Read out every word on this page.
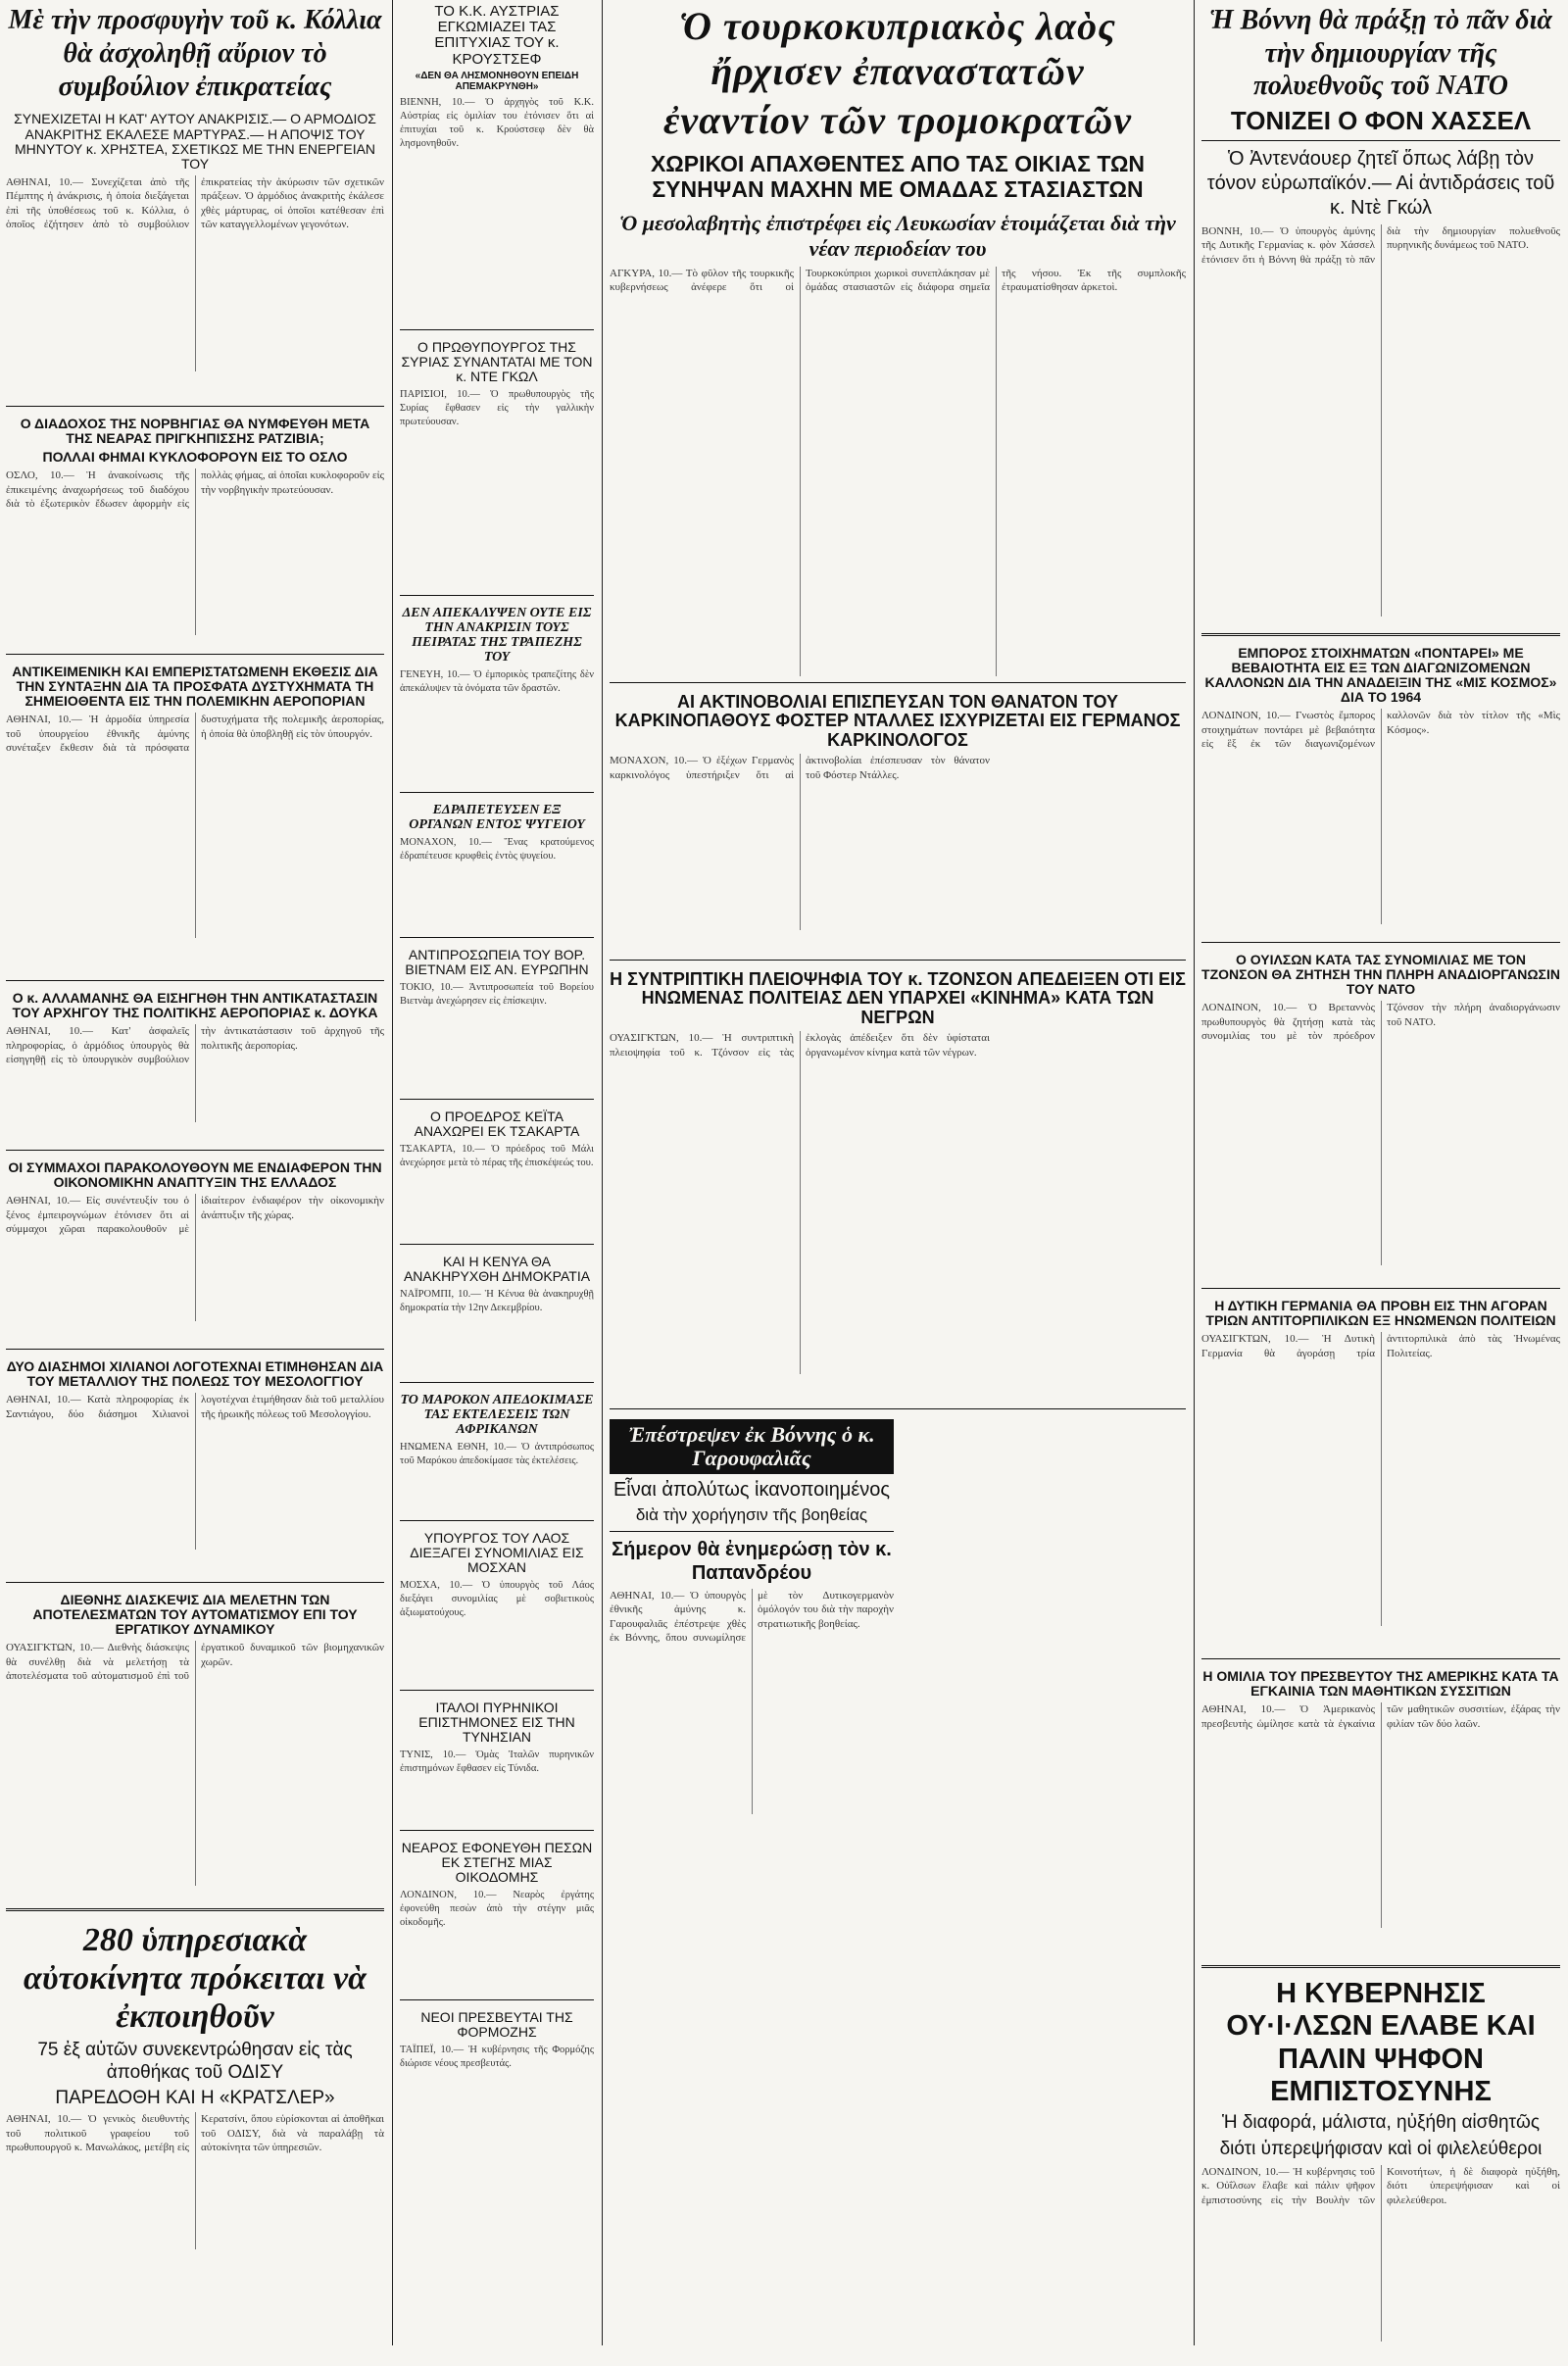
Μὲ τὴν προσφυγὴν τοῦ κ. Κόλλια θὰ ἀσχοληθῇ αὔριον τὸ συμβούλιον ἐπικρατείας
ΣΥΝΕΧΙΖΕΤΑΙ Η ΚΑΤ' ΑΥΤΟΥ ΑΝΑΚΡΙΣΙΣ.— Ο ΑΡΜΟΔΙΟΣ ΑΝΑΚΡΙΤΗΣ ΕΚΑΛΕΣΕ ΜΑΡΤΥΡΑΣ.— Η ΑΠΟΨΙΣ ΤΟΥ ΜΗΝΥΤΟΥ κ. ΧΡΗΣΤΕΑ, ΣΧΕΤΙΚΩΣ ΜΕ ΤΗΝ ΕΝΕΡΓΕΙΑΝ ΤΟΥ
ΑΘΗΝΑΙ, 10.— Συνεχίζεται ἀπὸ τῆς Πέμπτης ἡ ἀνάκρισις, ἡ ὁποία διεξάγεται ἐπὶ τῆς ὑποθέσεως τοῦ κ. Κόλλια, ὁ ὁποῖος ἐζήτησεν ἀπὸ τὸ συμβούλιον ἐπικρατείας τὴν ἀκύρωσιν τῶν σχετικῶν πράξεων. Ὁ ἁρμόδιος ἀνακριτὴς ἐκάλεσε χθὲς μάρτυρας, οἱ ὁποῖοι κατέθεσαν ἐπὶ τῶν καταγγελλομένων γεγονότων.
Ο ΔΙΑΔΟΧΟΣ ΤΗΣ ΝΟΡΒΗΓΙΑΣ ΘΑ ΝΥΜΦΕΥΘΗ ΜΕΤΑ ΤΗΣ ΝΕΑΡΑΣ ΠΡΙΓΚΗΠΙΣΣΗΣ ΡΑΤΖΙΒΙΑ;
ΠΟΛΛΑΙ ΦΗΜΑΙ ΚΥΚΛΟΦΟΡΟΥΝ ΕΙΣ ΤΟ ΟΣΛΟ
ΟΣΛΟ, 10.— Ἡ ἀνακοίνωσις τῆς ἐπικειμένης ἀναχωρήσεως τοῦ διαδόχου διὰ τὸ ἐξωτερικὸν ἔδωσεν ἀφορμὴν εἰς πολλὰς φήμας, αἱ ὁποῖαι κυκλοφοροῦν εἰς τὴν νορβηγικὴν πρωτεύουσαν.
ΑΝΤΙΚΕΙΜΕΝΙΚΗ ΚΑΙ ΕΜΠΕΡΙΣΤΑΤΩΜΕΝΗ ΕΚΘΕΣΙΣ ΔΙΑ ΤΗΝ ΣΥΝΤΑΞΗΝ ΔΙΑ ΤΑ ΠΡΟΣΦΑΤΑ ΔΥΣΤΥΧΗΜΑΤΑ ΤΗ ΣΗΜΕΙΟΘΕΝΤΑ ΕΙΣ ΤΗΝ ΠΟΛΕΜΙΚΗΝ ΑΕΡΟΠΟΡΙΑΝ
ΑΘΗΝΑΙ, 10.— Ἡ ἁρμοδία ὑπηρεσία τοῦ ὑπουργείου ἐθνικῆς ἀμύνης συνέταξεν ἔκθεσιν διὰ τὰ πρόσφατα δυστυχήματα τῆς πολεμικῆς ἀεροπορίας, ἡ ὁποία θὰ ὑποβληθῇ εἰς τὸν ὑπουργόν.
Ο κ. ΑΛΛΑΜΑΝΗΣ ΘΑ ΕΙΣΗΓΗΘΗ ΤΗΝ ΑΝΤΙΚΑΤΑΣΤΑΣΙΝ ΤΟΥ ΑΡΧΗΓΟΥ ΤΗΣ ΠΟΛΙΤΙΚΗΣ ΑΕΡΟΠΟΡΙΑΣ κ. ΔΟΥΚΑ
ΑΘΗΝΑΙ, 10.— Κατ' ἀσφαλεῖς πληροφορίας, ὁ ἁρμόδιος ὑπουργὸς θὰ εἰσηγηθῇ εἰς τὸ ὑπουργικὸν συμβούλιον τὴν ἀντικατάστασιν τοῦ ἀρχηγοῦ τῆς πολιτικῆς ἀεροπορίας.
ΟΙ ΣΥΜΜΑΧΟΙ ΠΑΡΑΚΟΛΟΥΘΟΥΝ ΜΕ ΕΝΔΙΑΦΕΡΟΝ ΤΗΝ ΟΙΚΟΝΟΜΙΚΗΝ ΑΝΑΠΤΥΞΙΝ ΤΗΣ ΕΛΛΑΔΟΣ
ΑΘΗΝΑΙ, 10.— Εἰς συνέντευξίν του ὁ ξένος ἐμπειρογνώμων ἐτόνισεν ὅτι αἱ σύμμαχοι χῶραι παρακολουθοῦν μὲ ἰδιαίτερον ἐνδιαφέρον τὴν οἰκονομικὴν ἀνάπτυξιν τῆς χώρας.
ΔΥΟ ΔΙΑΣΗΜΟΙ ΧΙΛΙΑΝΟΙ ΛΟΓΟΤΕΧΝΑΙ ΕΤΙΜΗΘΗΣΑΝ ΔΙΑ ΤΟΥ ΜΕΤΑΛΛΙΟΥ ΤΗΣ ΠΟΛΕΩΣ ΤΟΥ ΜΕΣΟΛΟΓΓΙΟΥ
ΑΘΗΝΑΙ, 10.— Κατὰ πληροφορίας ἐκ Σαντιάγου, δύο διάσημοι Χιλιανοὶ λογοτέχναι ἐτιμήθησαν διὰ τοῦ μεταλλίου τῆς ἡρωικῆς πόλεως τοῦ Μεσολογγίου.
ΔΙΕΘΝΗΣ ΔΙΑΣΚΕΨΙΣ ΔΙΑ ΜΕΛΕΤΗΝ ΤΩΝ ΑΠΟΤΕΛΕΣΜΑΤΩΝ ΤΟΥ ΑΥΤΟΜΑΤΙΣΜΟΥ ΕΠΙ ΤΟΥ ΕΡΓΑΤΙΚΟΥ ΔΥΝΑΜΙΚΟΥ
ΟΥΑΣΙΓΚΤΩΝ, 10.— Διεθνὴς διάσκεψις θὰ συνέλθῃ διὰ νὰ μελετήσῃ τὰ ἀποτελέσματα τοῦ αὐτοματισμοῦ ἐπὶ τοῦ ἐργατικοῦ δυναμικοῦ τῶν βιομηχανικῶν χωρῶν.
280 ὑπηρεσιακὰ αὐτοκίνητα πρόκειται νὰ ἐκποιηθοῦν
75 ἐξ αὐτῶν συνεκεντρώθησαν εἰς τὰς ἀποθήκας τοῦ ΟΔΙΣΥ
ΠΑΡΕΔΟΘΗ ΚΑΙ Η «ΚΡΑΤΣΛΕΡ»
ΑΘΗΝΑΙ, 10.— Ὁ γενικὸς διευθυντὴς τοῦ πολιτικοῦ γραφείου τοῦ πρωθυπουργοῦ κ. Μανωλάκος, μετέβη εἰς Κερατσίνι, ὅπου εὑρίσκονται αἱ ἀποθῆκαι τοῦ ΟΔΙΣΥ, διὰ νὰ παραλάβῃ τὰ αὐτοκίνητα τῶν ὑπηρεσιῶν.
ΤΟ Κ.Κ. ΑΥΣΤΡΙΑΣ ΕΓΚΩΜΙΑΖΕΙ ΤΑΣ ΕΠΙΤΥΧΙΑΣ ΤΟΥ κ. ΚΡΟΥΣΤΣΕΦ
«ΔΕΝ ΘΑ ΛΗΣΜΟΝΗΘΟΥΝ ΕΠΕΙΔΗ ΑΠΕΜΑΚΡΥΝΘΗ»
ΒΙΕΝΝΗ, 10.— Ὁ ἀρχηγὸς τοῦ Κ.Κ. Αὐστρίας εἰς ὁμιλίαν του ἐτόνισεν ὅτι αἱ ἐπιτυχίαι τοῦ κ. Κρούστσεφ δὲν θὰ λησμονηθοῦν.
Ο ΠΡΩΘΥΠΟΥΡΓΟΣ ΤΗΣ ΣΥΡΙΑΣ ΣΥΝΑΝΤΑΤΑΙ ΜΕ ΤΟΝ κ. ΝΤΕ ΓΚΩΛ
ΠΑΡΙΣΙΟΙ, 10.— Ὁ πρωθυπουργὸς τῆς Συρίας ἔφθασεν εἰς τὴν γαλλικὴν πρωτεύουσαν.
ΔΕΝ ΑΠΕΚΑΛΥΨΕΝ ΟΥΤΕ ΕΙΣ ΤΗΝ ΑΝΑΚΡΙΣΙΝ ΤΟΥΣ ΠΕΙΡΑΤΑΣ ΤΗΣ ΤΡΑΠΕΖΗΣ ΤΟΥ
ΓΕΝΕΥΗ, 10.— Ὁ ἐμπορικὸς τραπεζίτης δὲν ἀπεκάλυψεν τὰ ὀνόματα τῶν δραστῶν.
ΕΔΡΑΠΕΤΕΥΣΕΝ ΕΞ ΟΡΓΑΝΩΝ ΕΝΤΟΣ ΨΥΓΕΙΟΥ
ΜΟΝΑΧΟΝ, 10.— Ἕνας κρατούμενος ἐδραπέτευσε κρυφθεὶς ἐντὸς ψυγείου.
ΑΝΤΙΠΡΟΣΩΠΕΙΑ ΤΟΥ ΒΟΡ. ΒΙΕΤΝΑΜ ΕΙΣ ΑΝ. ΕΥΡΩΠΗΝ
ΤΟΚΙΟ, 10.— Ἀντιπροσωπεία τοῦ Βορείου Βιετνὰμ ἀνεχώρησεν εἰς ἐπίσκεψιν.
Ο ΠΡΟΕΔΡΟΣ ΚΕΪΤΑ ΑΝΑΧΩΡΕΙ ΕΚ ΤΣΑΚΑΡΤΑ
ΤΣΑΚΑΡΤΑ, 10.— Ὁ πρόεδρος τοῦ Μάλι ἀνεχώρησε μετὰ τὸ πέρας τῆς ἐπισκέψεώς του.
ΚΑΙ Η ΚΕΝΥΑ ΘΑ ΑΝΑΚΗΡΥΧΘΗ ΔΗΜΟΚΡΑΤΙΑ
ΝΑΪΡΟΜΠΙ, 10.— Ἡ Κένυα θὰ ἀνακηρυχθῇ δημοκρατία τὴν 12ην Δεκεμβρίου.
ΤΟ ΜΑΡΟΚΟΝ ΑΠΕΔΟΚΙΜΑΣΕ ΤΑΣ ΕΚΤΕΛΕΣΕΙΣ ΤΩΝ ΑΦΡΙΚΑΝΩΝ
ΗΝΩΜΕΝΑ ΕΘΝΗ, 10.— Ὁ ἀντιπρόσωπος τοῦ Μαρόκου ἀπεδοκίμασε τὰς ἐκτελέσεις.
ΥΠΟΥΡΓΟΣ ΤΟΥ ΛΑΟΣ ΔΙΕΞΑΓΕΙ ΣΥΝΟΜΙΛΙΑΣ ΕΙΣ ΜΟΣΧΑΝ
ΜΟΣΧΑ, 10.— Ὁ ὑπουργὸς τοῦ Λάος διεξάγει συνομιλίας μὲ σοβιετικοὺς ἀξιωματούχους.
ΙΤΑΛΟΙ ΠΥΡΗΝΙΚΟΙ ΕΠΙΣΤΗΜΟΝΕΣ ΕΙΣ ΤΗΝ ΤΥΝΗΣΙΑΝ
ΤΥΝΙΣ, 10.— Ὁμὰς Ἰταλῶν πυρηνικῶν ἐπιστημόνων ἔφθασεν εἰς Τύνιδα.
ΝΕΑΡΟΣ ΕΦΟΝΕΥΘΗ ΠΕΣΩΝ ΕΚ ΣΤΕΓΗΣ ΜΙΑΣ ΟΙΚΟΔΟΜΗΣ
ΛΟΝΔΙΝΟΝ, 10.— Νεαρὸς ἐργάτης ἐφονεύθη πεσὼν ἀπὸ τὴν στέγην μιᾶς οἰκοδομῆς.
ΝΕΟΙ ΠΡΕΣΒΕΥΤΑΙ ΤΗΣ ΦΟΡΜΟΖΗΣ
ΤΑΪΠΕΪ, 10.— Ἡ κυβέρνησις τῆς Φορμόζης διώρισε νέους πρεσβευτάς.
Ὁ τουρκοκυπριακὸς λαὸς ἤρχισεν ἐπαναστατῶν
ἐναντίον τῶν τρομοκρατῶν
ΧΩΡΙΚΟΙ ΑΠΑΧΘΕΝΤΕΣ ΑΠΟ ΤΑΣ ΟΙΚΙΑΣ ΤΩΝ ΣΥΝΗΨΑΝ ΜΑΧΗΝ ΜΕ ΟΜΑΔΑΣ ΣΤΑΣΙΑΣΤΩΝ
Ὁ μεσολαβητὴς ἐπιστρέφει εἰς Λευκωσίαν ἑτοιμάζεται διὰ τὴν νέαν περιοδείαν του
ΑΓΚΥΡΑ, 10.— Τὸ φῦλον τῆς τουρκικῆς κυβερνήσεως ἀνέφερε ὅτι οἱ Τουρκοκύπριοι χωρικοὶ συνεπλάκησαν μὲ ὁμάδας στασιαστῶν εἰς διάφορα σημεῖα τῆς νήσου. Ἐκ τῆς συμπλοκῆς ἐτραυματίσθησαν ἀρκετοὶ.
ΑΙ ΑΚΤΙΝΟΒΟΛΙΑΙ ΕΠΙΣΠΕΥΣΑΝ ΤΟΝ ΘΑΝΑΤΟΝ ΤΟΥ ΚΑΡΚΙΝΟΠΑΘΟΥΣ ΦΟΣΤΕΡ ΝΤΑΛΛΕΣ ΙΣΧΥΡΙΖΕΤΑΙ ΕΙΣ ΓΕΡΜΑΝΟΣ ΚΑΡΚΙΝΟΛΟΓΟΣ
ΜΟΝΑΧΟΝ, 10.— Ὁ ἐξέχων Γερμανὸς καρκινολόγος ὑπεστήριξεν ὅτι αἱ ἀκτινοβολίαι ἐπέσπευσαν τὸν θάνατον τοῦ Φόστερ Ντάλλες.
Η ΣΥΝΤΡΙΠΤΙΚΗ ΠΛΕΙΟΨΗΦΙΑ ΤΟΥ κ. ΤΖΟΝΣΟΝ ΑΠΕΔΕΙΞΕΝ ΟΤΙ ΕΙΣ ΗΝΩΜΕΝΑΣ ΠΟΛΙΤΕΙΑΣ ΔΕΝ ΥΠΑΡΧΕΙ «ΚΙΝΗΜΑ» ΚΑΤΑ ΤΩΝ ΝΕΓΡΩΝ
ΟΥΑΣΙΓΚΤΩΝ, 10.— Ἡ συντριπτικὴ πλειοψηφία τοῦ κ. Τζόνσον εἰς τὰς ἐκλογὰς ἀπέδειξεν ὅτι δὲν ὑφίσταται ὀργανωμένον κίνημα κατὰ τῶν νέγρων.
Ἐπέστρεψεν ἐκ Βόννης ὁ κ. Γαρουφαλιᾶς
Εἶναι ἀπολύτως ἱκανοποιημένος
διὰ τὴν χορήγησιν τῆς βοηθείας
Σήμερον θὰ ἐνημερώσῃ τὸν κ. Παπανδρέου
ΑΘΗΝΑΙ, 10.— Ὁ ὑπουργὸς ἐθνικῆς ἀμύνης κ. Γαρουφαλιᾶς ἐπέστρεψε χθὲς ἐκ Βόννης, ὅπου συνωμίλησε μὲ τὸν Δυτικογερμανὸν ὁμόλογόν του διὰ τὴν παροχὴν στρατιωτικῆς βοηθείας.
Ἡ Βόννη θὰ πράξῃ τὸ πᾶν διὰ τὴν δημιουργίαν τῆς πολυεθνοῦς τοῦ ΝΑΤΟ
ΤΟΝΙΖΕΙ Ο ΦΟΝ ΧΑΣΣΕΛ
Ὁ Ἀντενάουερ ζητεῖ ὅπως λάβῃ τὸν τόνον εὐρωπαϊκόν.— Αἱ ἀντιδράσεις τοῦ κ. Ντὲ Γκώλ
ΒΟΝΝΗ, 10.— Ὁ ὑπουργὸς ἀμύνης τῆς Δυτικῆς Γερμανίας κ. φὸν Χάσσελ ἐτόνισεν ὅτι ἡ Βόννη θὰ πράξῃ τὸ πᾶν διὰ τὴν δημιουργίαν πολυεθνοῦς πυρηνικῆς δυνάμεως τοῦ ΝΑΤΟ.
ΕΜΠΟΡΟΣ ΣΤΟΙΧΗΜΑΤΩΝ «ΠΟΝΤΑΡΕΙ» ΜΕ ΒΕΒΑΙΟΤΗΤΑ ΕΙΣ ΕΞ ΤΩΝ ΔΙΑΓΩΝΙΖΟΜΕΝΩΝ ΚΑΛΛΟΝΩΝ ΔΙΑ ΤΗΝ ΑΝΑΔΕΙΞΙΝ ΤΗΣ «ΜΙΣ ΚΟΣΜΟΣ» ΔΙΑ ΤΟ 1964
ΛΟΝΔΙΝΟΝ, 10.— Γνωστὸς ἔμπορος στοιχημάτων ποντάρει μὲ βεβαιότητα εἰς ἓξ ἐκ τῶν διαγωνιζομένων καλλονῶν διὰ τὸν τίτλον τῆς «Μὶς Κόσμος».
Ο ΟΥΙΛΣΩΝ ΚΑΤΑ ΤΑΣ ΣΥΝΟΜΙΛΙΑΣ ΜΕ ΤΟΝ ΤΖΟΝΣΟΝ ΘΑ ΖΗΤΗΣΗ ΤΗΝ ΠΛΗΡΗ ΑΝΑΔΙΟΡΓΑΝΩΣΙΝ ΤΟΥ ΝΑΤΟ
ΛΟΝΔΙΝΟΝ, 10.— Ὁ Βρεταννὸς πρωθυπουργὸς θὰ ζητήσῃ κατὰ τὰς συνομιλίας του μὲ τὸν πρόεδρον Τζόνσον τὴν πλήρη ἀναδιοργάνωσιν τοῦ ΝΑΤΟ.
Η ΔΥΤΙΚΗ ΓΕΡΜΑΝΙΑ ΘΑ ΠΡΟΒΗ ΕΙΣ ΤΗΝ ΑΓΟΡΑΝ ΤΡΙΩΝ ΑΝΤΙΤΟΡΠΙΛΙΚΩΝ ΕΞ ΗΝΩΜΕΝΩΝ ΠΟΛΙΤΕΙΩΝ
ΟΥΑΣΙΓΚΤΩΝ, 10.— Ἡ Δυτικὴ Γερμανία θὰ ἀγοράσῃ τρία ἀντιτορπιλικὰ ἀπὸ τὰς Ἡνωμένας Πολιτείας.
Η ΟΜΙΛΙΑ ΤΟΥ ΠΡΕΣΒΕΥΤΟΥ ΤΗΣ ΑΜΕΡΙΚΗΣ ΚΑΤΑ ΤΑ ΕΓΚΑΙΝΙΑ ΤΩΝ ΜΑΘΗΤΙΚΩΝ ΣΥΣΣΙΤΙΩΝ
ΑΘΗΝΑΙ, 10.— Ὁ Ἀμερικανὸς πρεσβευτὴς ὡμίλησε κατὰ τὰ ἐγκαίνια τῶν μαθητικῶν συσσιτίων, ἐξάρας τὴν φιλίαν τῶν δύο λαῶν.
Η ΚΥΒΕΡΝΗΣΙΣ ΟΥ·Ι·ΛΣΩΝ ΕΛΑΒΕ ΚΑΙ ΠΑΛΙΝ ΨΗΦΟΝ ΕΜΠΙΣΤΟΣΥΝΗΣ
Ἡ διαφορά, μάλιστα, ηὐξήθη αἰσθητῶς
διότι ὑπερεψήφισαν καὶ οἱ φιλελεύθεροι
ΛΟΝΔΙΝΟΝ, 10.— Ἡ κυβέρνησις τοῦ κ. Οὐΐλσων ἔλαβε καὶ πάλιν ψῆφον ἐμπιστοσύνης εἰς τὴν Βουλὴν τῶν Κοινοτήτων, ἡ δὲ διαφορὰ ηὐξήθη, διότι ὑπερεψήφισαν καὶ οἱ φιλελεύθεροι.
